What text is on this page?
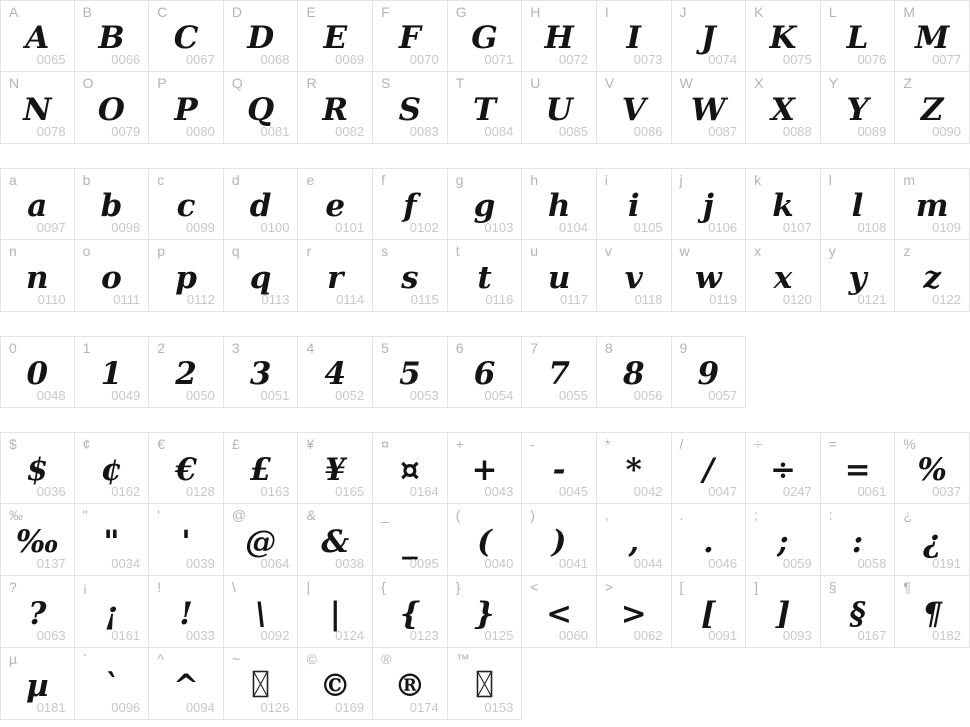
A
A
0065
B
B
0066
C
C
0067
D
D
0068
E
E
0069
F
F
0070
G
G
0071
H
H
0072
I
I
0073
J
J
0074
K
K
0075
L
L
0076
M
M
0077
N
N
0078
O
O
0079
P
P
0080
Q
Q
0081
R
R
0082
S
S
0083
T
T
0084
U
U
0085
V
V
0086
W
W
0087
X
X
0088
Y
Y
0089
Z
Z
0090
a
a
0097
b
b
0098
c
c
0099
d
d
0100
e
e
0101
f
f
0102
g
g
0103
h
h
0104
i
i
0105
j
j
0106
k
k
0107
l
l
0108
m
m
0109
n
n
0110
o
o
0111
p
p
0112
q
q
0113
r
r
0114
s
s
0115
t
t
0116
u
u
0117
v
v
0118
w
w
0119
x
x
0120
y
y
0121
z
z
0122
0
0
0048
1
1
0049
2
2
0050
3
3
0051
4
4
0052
5
5
0053
6
6
0054
7
7
0055
8
8
0056
9
9
0057
$
$
0036
¢
¢
0162
€
€
0128
£
£
0163
¥
¥
0165
¤
¤
0164
+
+
0043
-
-
0045
*
*
0042
/
/
0047
÷
÷
0247
=
=
0061
%
%
0037
‰
‰
0137
"
"
0034
'
'
0039
@
@
0064
&
&
0038
_
_
0095
(
(
0040
)
)
0041
,
,
0044
.
.
0046
;
;
0059
:
:
0058
¿
¿
0191
?
?
0063
¡
¡
0161
!
!
0033
\
\
0092
|
|
0124
{
{
0123
}
}
0125
<
<
0060
>
>
0062
[
[
0091
]
]
0093
§
§
0167
¶
¶
0182
µ
µ
0181
`
`
0096
^
^
0094
~
0126
©
©
0169
®
®
0174
™
0153
